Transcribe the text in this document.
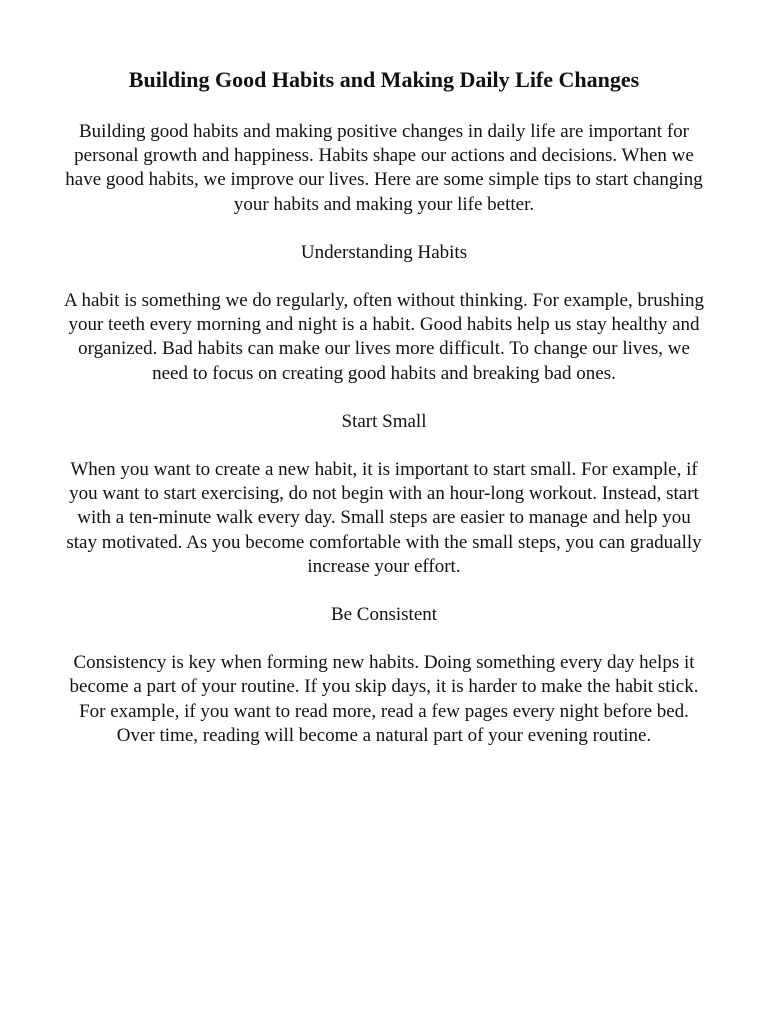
Building Good Habits and Making Daily Life Changes

Building good habits and making positive changes in daily life are important for personal growth and happiness. Habits shape our actions and decisions. When we have good habits, we improve our lives. Here are some simple tips to start changing your habits and making your life better.

Understanding Habits

A habit is something we do regularly, often without thinking. For example, brushing your teeth every morning and night is a habit. Good habits help us stay healthy and organized. Bad habits can make our lives more difficult. To change our lives, we need to focus on creating good habits and breaking bad ones.

Start Small

When you want to create a new habit, it is important to start small. For example, if you want to start exercising, do not begin with an hour-long workout. Instead, start with a ten-minute walk every day. Small steps are easier to manage and help you stay motivated. As you become comfortable with the small steps, you can gradually increase your effort.

Be Consistent

Consistency is key when forming new habits. Doing something every day helps it become a part of your routine. If you skip days, it is harder to make the habit stick. For example, if you want to read more, read a few pages every night before bed. Over time, reading will become a natural part of your evening routine.
